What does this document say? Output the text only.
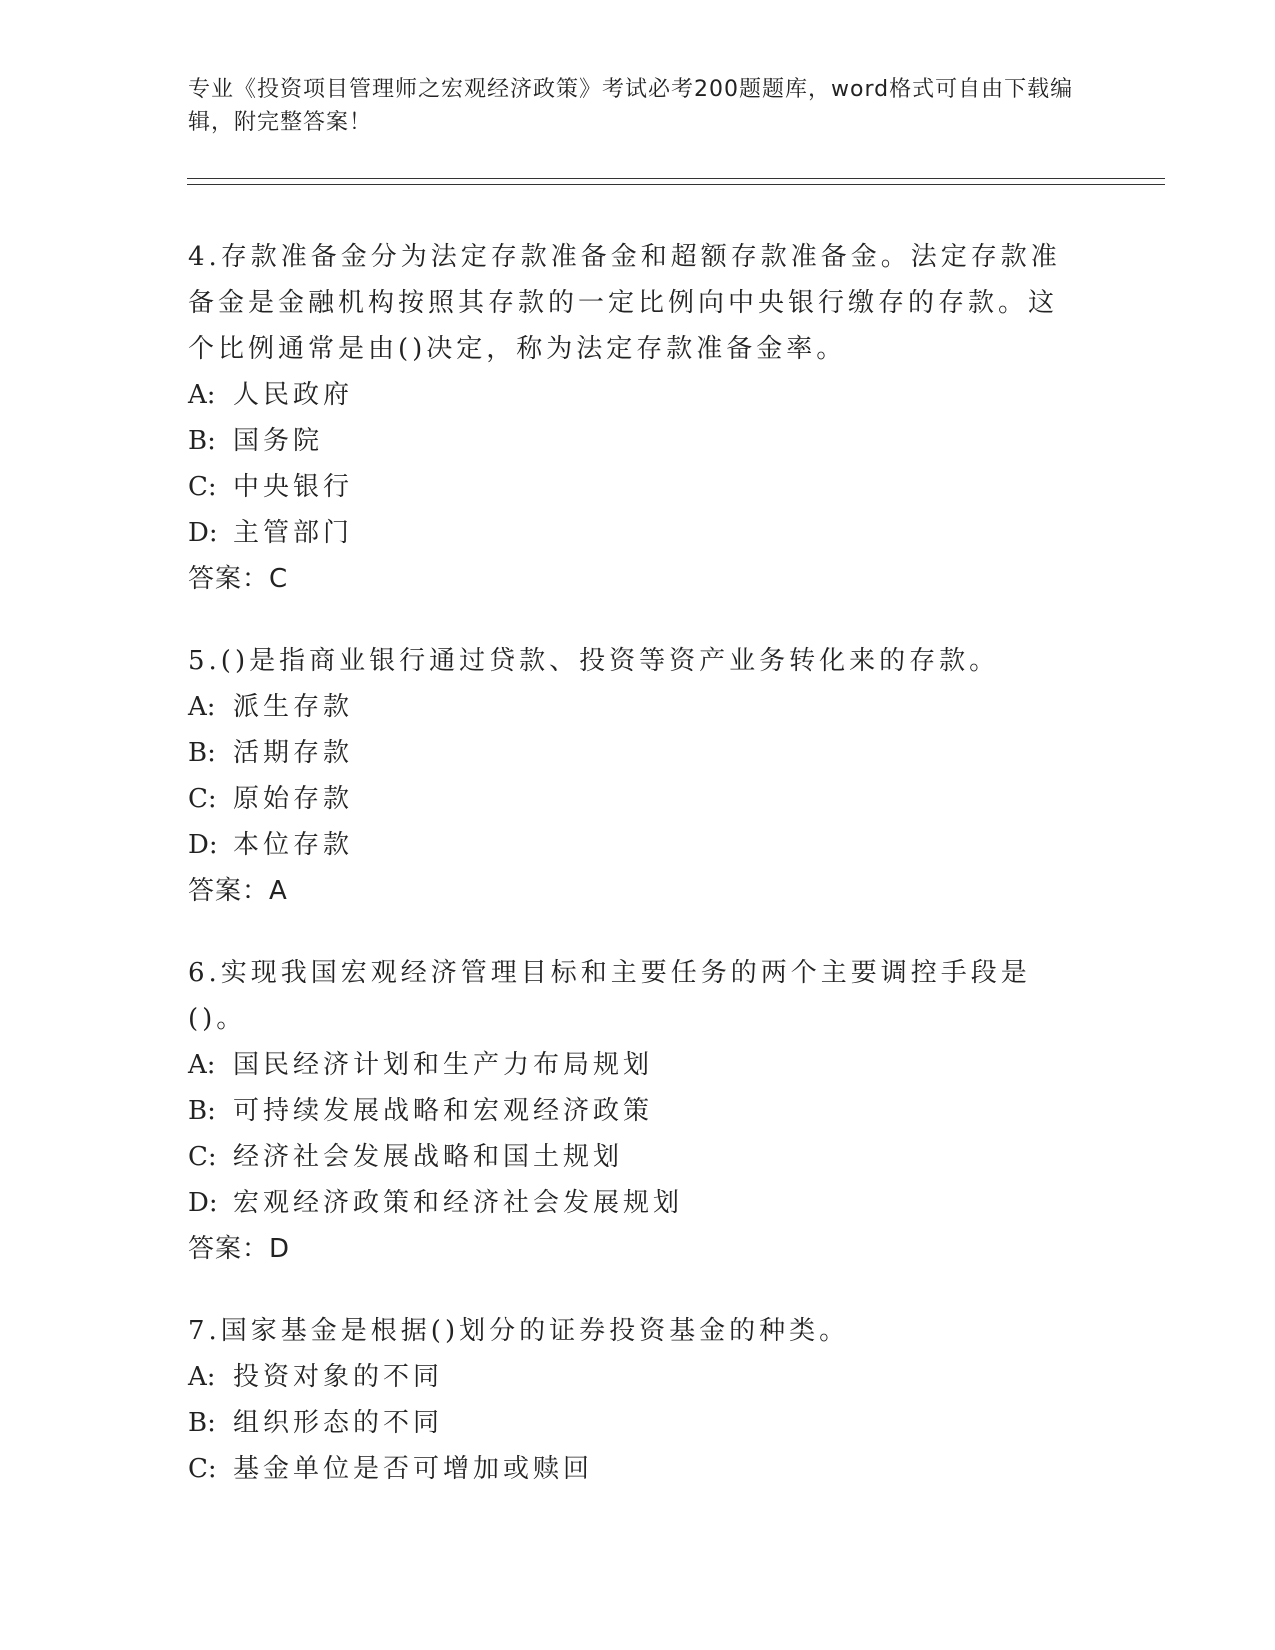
专业《投资项目管理师之宏观经济政策》考试必考200题题库，word格式可自由下载编辑，附完整答案！
4.存款准备金分为法定存款准备金和超额存款准备金。法定存款准备金是金融机构按照其存款的一定比例向中央银行缴存的存款。这个比例通常是由()决定，称为法定存款准备金率。
A: 人民政府
B: 国务院
C: 中央银行
D: 主管部门
答案：C
5.()是指商业银行通过贷款、投资等资产业务转化来的存款。
A: 派生存款
B: 活期存款
C: 原始存款
D: 本位存款
答案：A
6.实现我国宏观经济管理目标和主要任务的两个主要调控手段是()。
A: 国民经济计划和生产力布局规划
B: 可持续发展战略和宏观经济政策
C: 经济社会发展战略和国土规划
D: 宏观经济政策和经济社会发展规划
答案：D
7.国家基金是根据()划分的证券投资基金的种类。
A: 投资对象的不同
B: 组织形态的不同
C: 基金单位是否可增加或赎回
